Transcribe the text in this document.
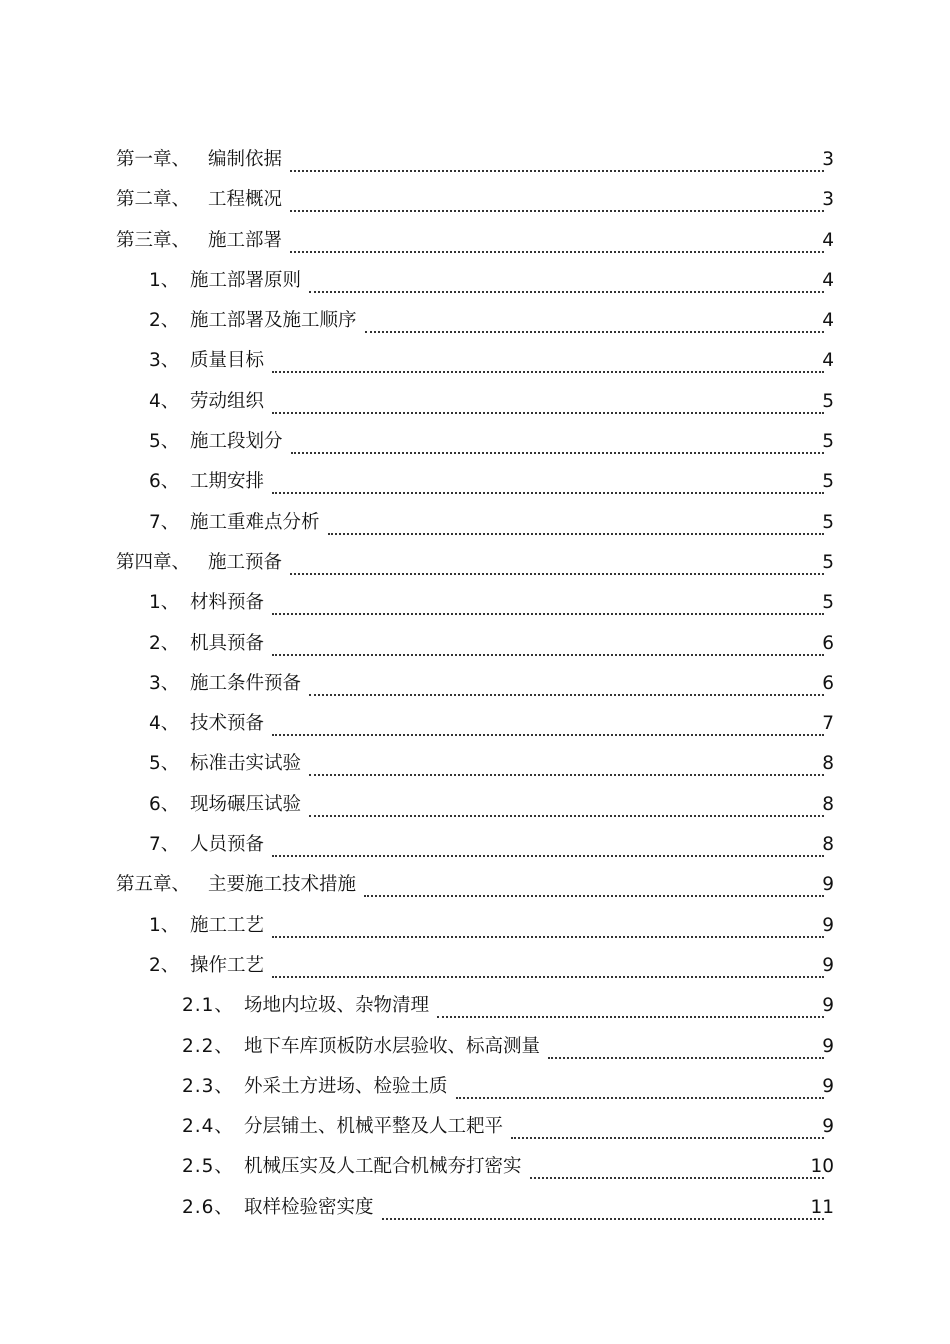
第一章、 编制依据	3
第二章、 工程概况	3
第三章、 施工部署	4
1、 施工部署原则	4
2、 施工部署及施工顺序	4
3、 质量目标	4
4、 劳动组织	5
5、 施工段划分	5
6、 工期安排	5
7、 施工重难点分析	5
第四章、 施工预备	5
1、 材料预备	5
2、 机具预备	6
3、 施工条件预备	6
4、 技术预备	7
5、 标准击实试验	8
6、 现场碾压试验	8
7、 人员预备	8
第五章、 主要施工技术措施	9
1、 施工工艺	9
2、 操作工艺	9
2.1、 场地内垃圾、杂物清理	9
2.2、 地下车库顶板防水层验收、标高测量	9
2.3、 外采土方进场、检验土质	9
2.4、 分层铺土、机械平整及人工耙平	9
2.5、 机械压实及人工配合机械夯打密实	10
2.6、 取样检验密实度	11
